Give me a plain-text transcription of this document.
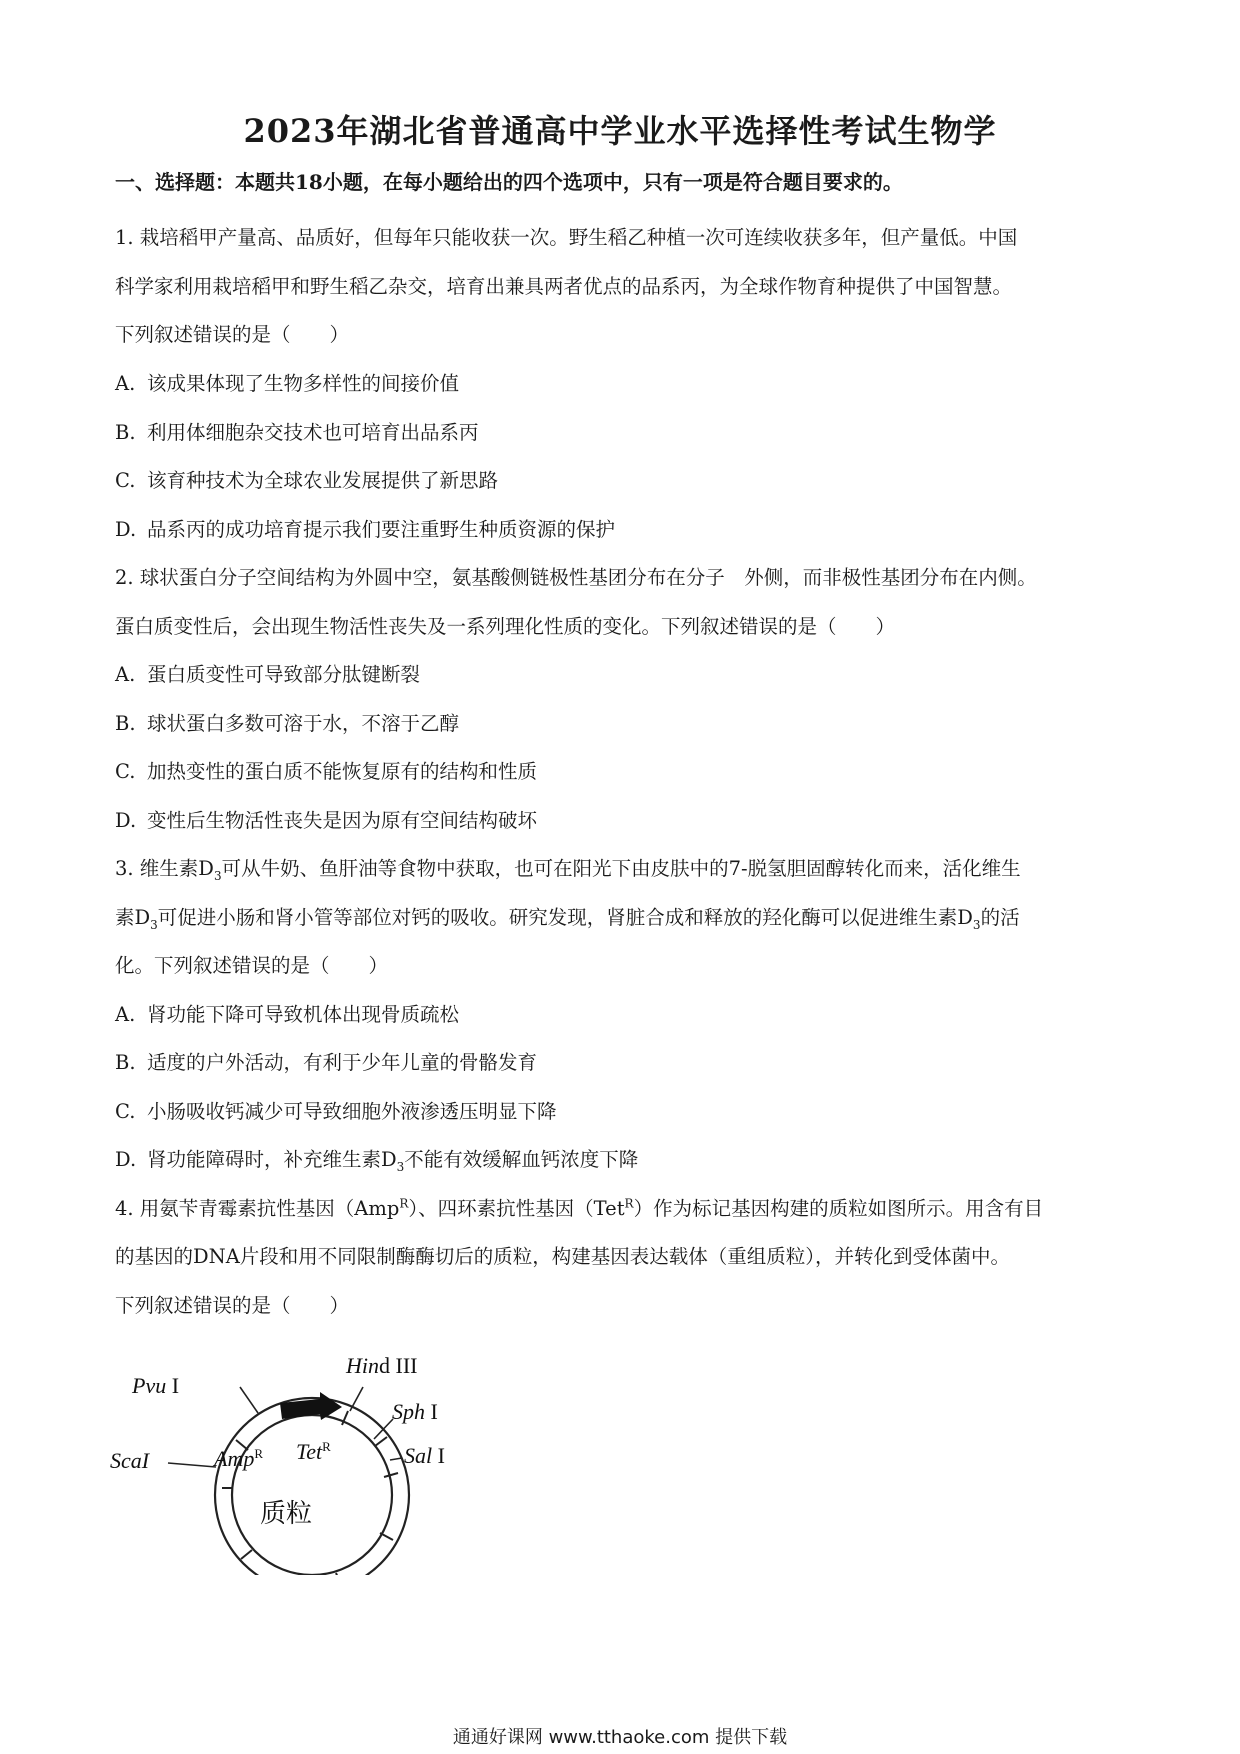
2023年湖北省普通高中学业水平选择性考试生物学
一、选择题：本题共18小题，在每小题给出的四个选项中，只有一项是符合题目要求的。
1. 栽培稻甲产量高、品质好，但每年只能收获一次。野生稻乙种植一次可连续收获多年，但产量低。中国
科学家利用栽培稻甲和野生稻乙杂交，培育出兼具两者优点的品系丙，为全球作物育种提供了中国智慧。
下列叙述错误的是（　　）
A. 该成果体现了生物多样性的间接价值
B. 利用体细胞杂交技术也可培育出品系丙
C. 该育种技术为全球农业发展提供了新思路
D. 品系丙的成功培育提示我们要注重野生种质资源的保护
2. 球状蛋白分子空间结构为外圆中空，氨基酸侧链极性基团分布在分子　外侧，而非极性基团分布在内侧。
蛋白质变性后，会出现生物活性丧失及一系列理化性质的变化。下列叙述错误的是（　　）
A. 蛋白质变性可导致部分肽键断裂
B. 球状蛋白多数可溶于水，不溶于乙醇
C. 加热变性的蛋白质不能恢复原有的结构和性质
D. 变性后生物活性丧失是因为原有空间结构破坏
3. 维生素$D_3$可从牛奶、鱼肝油等食物中获取，也可在阳光下由皮肤中的7-脱氢胆固醇转化而来，活化维生
素$D_3$可促进小肠和肾小管等部位对钙的吸收。研究发现，肾脏合成和释放的羟化酶可以促进维生素$D_3$的活
化。下列叙述错误的是（　　）
A. 肾功能下降可导致机体出现骨质疏松
B. 适度的户外活动，有利于少年儿童的骨骼发育
C. 小肠吸收钙减少可导致细胞外液渗透压明显下降
D. 肾功能障碍时，补充维生素$D_3$不能有效缓解血钙浓度下降
4. 用氨苄青霉素抗性基因（Amp$^R$）、四环素抗性基因（Tet$^R$）作为标记基因构建的质粒如图所示。用含有目
的基因的DNA片段和用不同限制酶酶切后的质粒，构建基因表达载体（重组质粒），并转化到受体菌中。
下列叙述错误的是（　　）
Pvu I
ScaI
Hind III
Sph I
Sal I
Amp$^R$ Tet$^R$
质粒
通通好课网 www.tthaoke.com 提供下载
